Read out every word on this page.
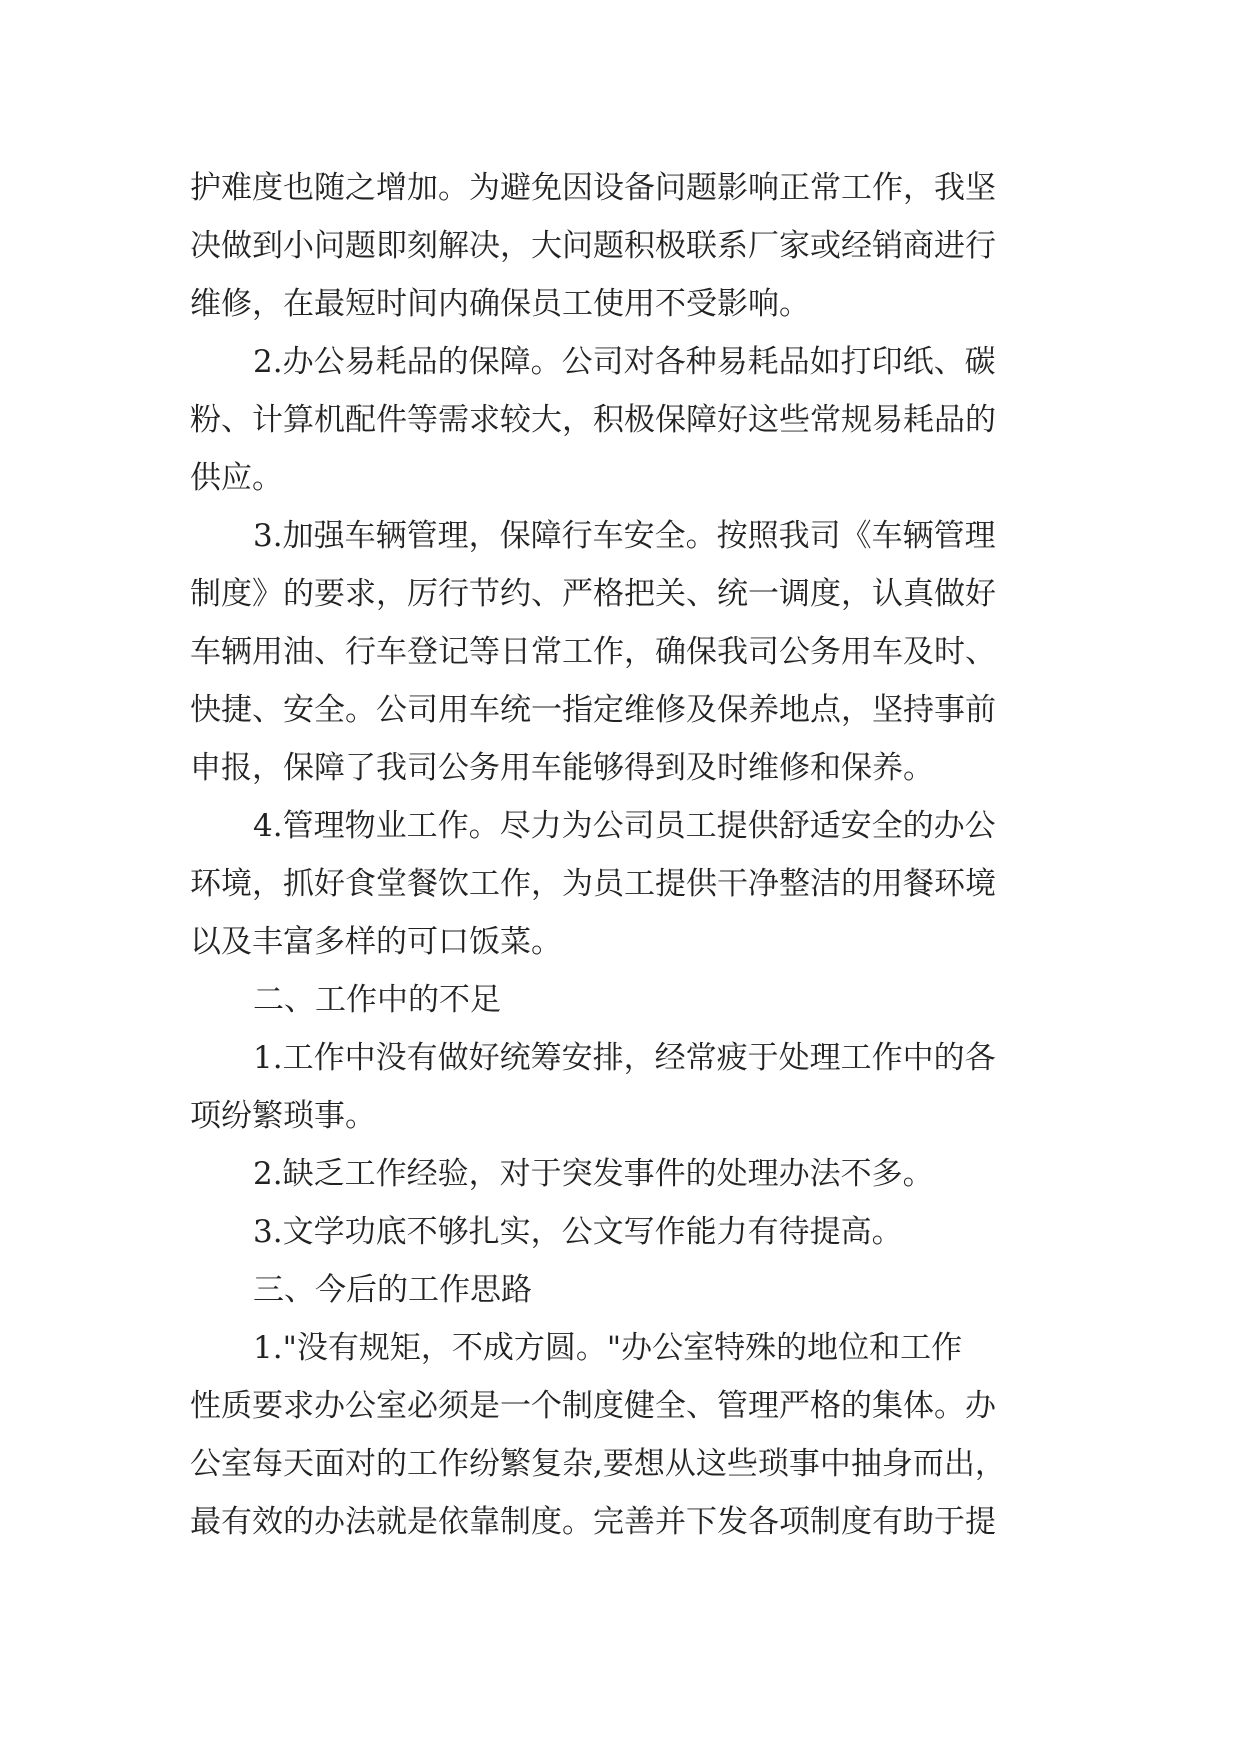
护难度也随之增加。为避免因设备问题影响正常工作，我坚
决做到小问题即刻解决，大问题积极联系厂家或经销商进行
维修，在最短时间内确保员工使用不受影响。
2.办公易耗品的保障。公司对各种易耗品如打印纸、碳
粉、计算机配件等需求较大，积极保障好这些常规易耗品的
供应。
3.加强车辆管理，保障行车安全。按照我司《车辆管理
制度》的要求，厉行节约、严格把关、统一调度，认真做好
车辆用油、行车登记等日常工作，确保我司公务用车及时、
快捷、安全。公司用车统一指定维修及保养地点，坚持事前
申报，保障了我司公务用车能够得到及时维修和保养。
4.管理物业工作。尽力为公司员工提供舒适安全的办公
环境，抓好食堂餐饮工作，为员工提供干净整洁的用餐环境
以及丰富多样的可口饭菜。
二、工作中的不足
1.工作中没有做好统筹安排，经常疲于处理工作中的各
项纷繁琐事。
2.缺乏工作经验，对于突发事件的处理办法不多。
3.文学功底不够扎实，公文写作能力有待提高。
三、今后的工作思路
1."没有规矩，不成方圆。"办公室特殊的地位和工作
性质要求办公室必须是一个制度健全、管理严格的集体。办
公室每天面对的工作纷繁复杂,要想从这些琐事中抽身而出，
最有效的办法就是依靠制度。完善并下发各项制度有助于提
